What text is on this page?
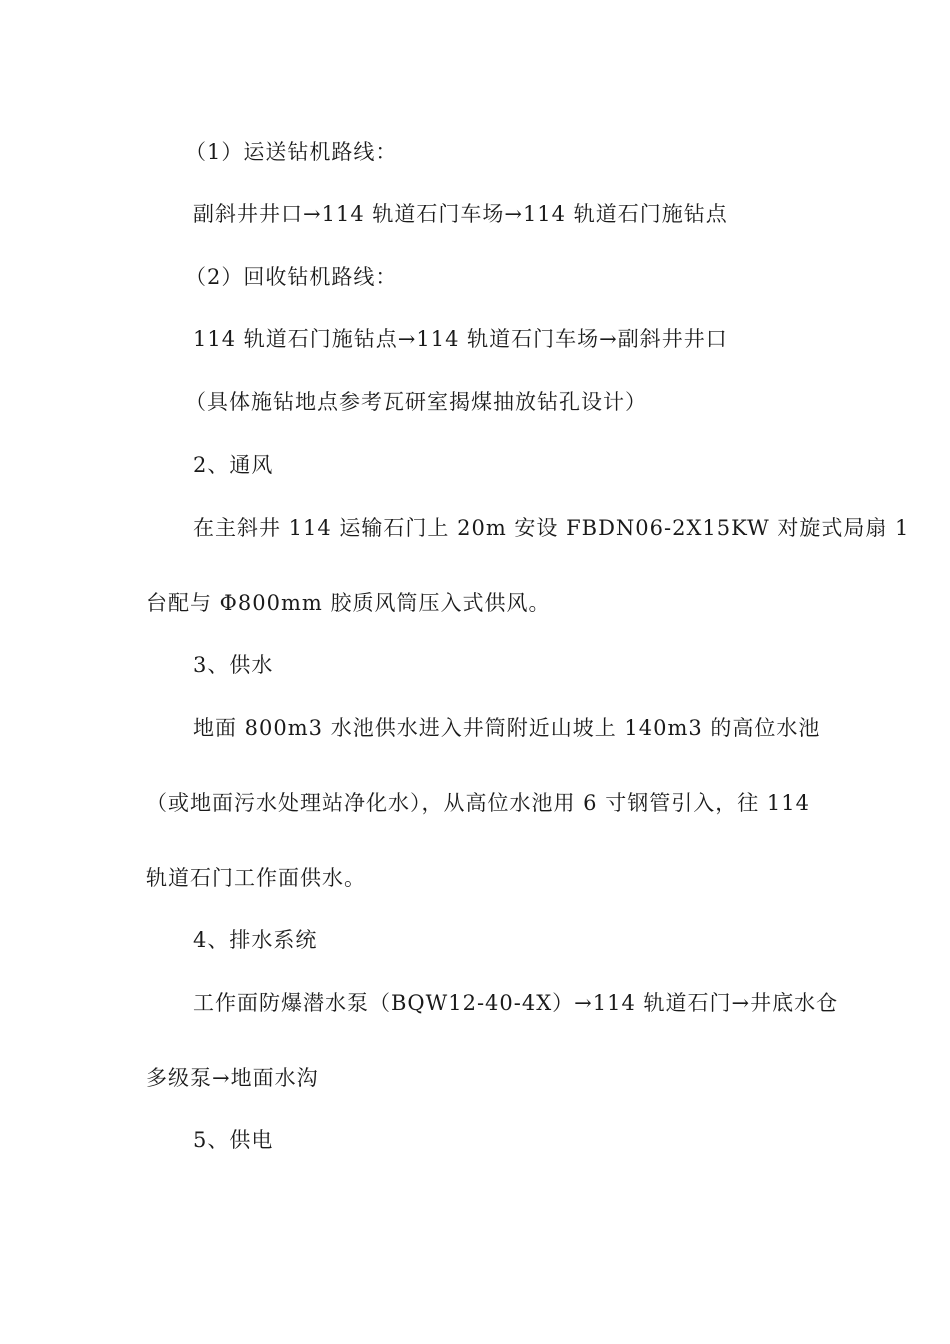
（1）运送钻机路线：

副斜井井口→114 轨道石门车场→114 轨道石门施钻点

（2）回收钻机路线：

114 轨道石门施钻点→114 轨道石门车场→副斜井井口

（具体施钻地点参考瓦研室揭煤抽放钻孔设计）

2、通风

在主斜井 114 运输石门上 20m 安设 FBDN06-2X15KW 对旋式局扇 1

台配与 Φ800mm 胶质风筒压入式供风。

3、供水

地面 800m3 水池供水进入井筒附近山坡上 140m3 的高位水池

（或地面污水处理站净化水），从高位水池用 6 寸钢管引入，往 114

轨道石门工作面供水。

4、排水系统

工作面防爆潜水泵（BQW12-40-4X）→114 轨道石门→井底水仓

多级泵→地面水沟

5、供电
